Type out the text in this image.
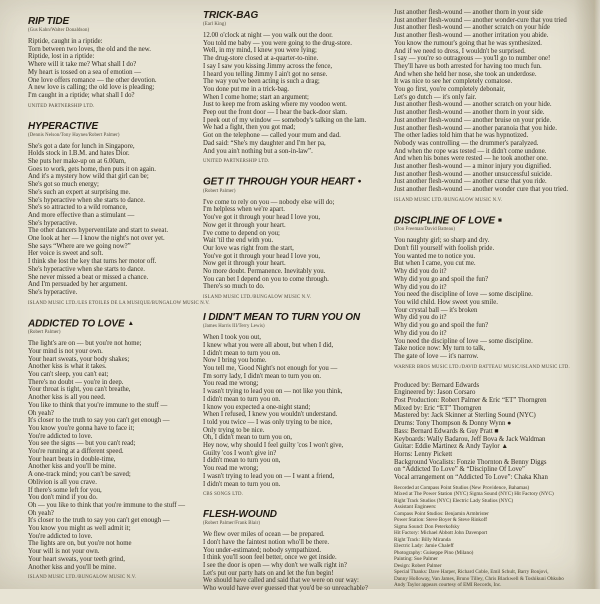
RIP TIDE
(Gus Kahn/Walter Donaldson)
Riptide, caught in a riptide:
Torn between two loves, the old and the new.
Riptide, lost in a riptide:
Where will it take me? What shall I do?
My heart is tossed on a sea of emotion —
One love offers romance — the other devotion.
A new love is calling; the old love is pleading;
I'm caught in a riptide; what shall I do?
UNITED PARTNERSHIP LTD.
HYPERACTIVE
(Dennis Nelson/Tony Haynes/Robert Palmer)
She's got a date for lunch in Singapore,
Holds stock in I.B.M. and hates Dior.
She puts her make-up on at 6.00am,
Goes to work, gets home, then puts it on again.
And it's a mystery how wild that girl can be;
She's got so much energy;
She's such an expert at surprising me.
She's hyperactive when she starts to dance.
She's so attracted to a wild romance,
And more effective than a stimulant —
She's hyperactive.
The other dancers hyperventilate and start to sweat.
One look at her — I know the night's not over yet.
She says “Where are we going now?”
Her voice is sweet and soft.
I think she lost the key that turns her motor off.
She's hyperactive when she starts to dance.
She never missed a beat or missed a chance.
And I'm persuaded by her argument.
She's hyperactive.
ISLAND MUSIC LTD./LES ETOILES DE LA MUSIQUE/BUNGALOW MUSIC N.V.
ADDICTED TO LOVE ▲
(Robert Palmer)
The light's are on — but you're not home;
Your mind is not your own.
Your heart sweats, your body shakes;
Another kiss is what it takes.
You can't sleep, you can't eat;
There's no doubt — you're in deep.
Your throat is tight, you can't breathe,
Another kiss is all you need.
You like to think that you're immune to the stuff —
Oh yeah?
It's closer to the truth to say you can't get enough —
You know you're gonna have to face it;
You're addicted to love.
You see the signs — but you can't read;
You're running at a different speed.
Your heart beats in double-time,
Another kiss and you'll be mine.
A one-track mind; you can't be saved;
Oblivion is all you crave.
If there's some left for you,
You don't mind if you do.
Oh — you like to think that you're immune to the stuff —
Oh yeah?
It's closer to the truth to say you can't get enough —
You know you might as well admit it;
You're addicted to love.
The lights are on, but you're not home
Your will is not your own.
Your heart sweats, your teeth grind,
Another kiss and you'll be mine.
ISLAND MUSIC LTD./BUNGALOW MUSIC N.V.
TRICK-BAG
(Earl King)
12.00 o'clock at night — you walk out the door.
You told me baby — you were going to the drug-store.
Well, in my mind, I knew you were lying;
The drug-store closed at a-quarter-to-nine.
I say I saw you kissing Jimmy across the fence,
I heard you telling Jimmy I ain't got no sense.
The way you've been acting is such a drag;
You done put me in a trick-bag.
When I come home; start an argument;
Just to keep me from asking where my voodoo went.
Peep out the front door — I hear the back-door slam.
I peek out of my window — somebody's talking on the lam.
We had a fight, then you got mad;
Got on the telephone — called your mum and dad.
Dad said: “She's my daughter and I'm her pa,
And you ain't nothing but a son-in-law”.
UNITED PARTNERSHIP LTD.
GET IT THROUGH YOUR HEART ●
(Robert Palmer)
I've come to rely on you — nobody else will do;
I'm helpless when we're apart.
You've got it through your head I love you,
Now get it through your heart.
I've come to depend on you;
Wait 'til the end with you.
Our love was right from the start,
You've got it through your head I love you,
Now get it through your heart.
No more doubt. Permanence. Inevitably you.
You can bet I depend on you to come through.
There's so much to do.
ISLAND MUSIC LTD./BUNGALOW MUSIC N.V.
I DIDN'T MEAN TO TURN YOU ON
(James Harris III/Terry Lewis)
When I took you out,
I knew what you were all about, but when I did,
I didn't mean to turn you on.
Now I bring you home.
You tell me, 'Good Night's not enough for you —
I'm sorry lady, I didn't mean to turn you on.
You read me wrong;
I wasn't trying to lead you on — not like you think,
I didn't mean to turn you on.
I know you expected a one-night stand;
When I refused, I knew you wouldn't understand.
I told you twice — I was only trying to be nice,
Only trying to be nice.
Oh, I didn't mean to turn you on,
Hey now, why should I feel guilty 'cos I won't give,
Guilty 'cos I won't give in?
I didn't mean to turn you on,
You read me wrong;
I wasn't trying to lead you on — I want a friend,
I didn't mean to turn you on.
CBS SONGS LTD.
FLESH-WOUND
(Robert Palmer/Frank Blair)
We flew over miles of ocean — be prepared.
I don't have the faintest notion who'll be there.
You under-estimated; nobody sympathized.
I think you'll soon feel better, once we get inside.
I see the door is open — why don't we walk right in?
Let's put our party hats on and let the fun begin!
We should have called and said that we were on our way:
Who would have ever guessed that you'd be so unreachable?
Just another flesh-wound — another thorn in your side
Just another flesh-wound — another wonder-cure that you tried
Just another flesh-wound — another scratch on your hide
Just another flesh-wound — another irritation you abide.
You know the rumour's going that he was synthesized.
And if we need to dress, I wouldn't be surprised.
I say — you're so outrageous — you'll go to number one!
They'll have us both arrested for having too much fun.
And when she held her nose, she took an underdose.
It was nice to see her completely comatose.
You go first, you're completely debonair,
Let's go dutch — it's only fair.
Just another flesh-wound — another scratch on your hide.
Just another flesh-wound — another thorn in your side.
Just another flesh-wound — another bruise on your pride.
Just another flesh-wound — another paranoia that you hide.
The other ladies told him that he was hypnotized.
Nobody was controlling — the drummer's paralyzed.
And when the rope was tested — it didn't come undone.
And when his bones were rested — he took another one.
Just another flesh-wound — a minor injury you dignified.
Just another flesh-wound — another unsuccessful suicide.
Just another flesh-wound — another curse that you ride.
Just another flesh-wound — another wonder cure that you tried.
ISLAND MUSIC LTD./BUNGALOW MUSIC N.V.
DISCIPLINE OF LOVE ■
(Don Freeman/David Batteau)
You naughty girl; so sharp and dry.
Don't fill yourself with foolish pride.
You wanted me to notice you.
But when I came, you cut me.
Why did you do it?
Why did you go and spoil the fun?
Why did you do it?
You need the discipline of love — some discipline.
You wild child. How sweet you smile.
Your crystal ball — it's broken
Why did you do it?
Why did you go and spoil the fun?
Why did you do it?
You need the discipline of love — some discipline.
Take notice now: My turn to talk,
The gate of love — it's narrow.
WARNER BROS MUSIC LTD./DAVID BATTEAU MUSIC/ISLAND MUSIC LTD.
Produced by: Bernard Edwards
Engineered by: Jason Corsaro
Post Production: Robert Palmer & Eric “ET” Thorngren
Mixed by: Eric “ET” Thorngren
Mastered by: Jack Skinner at Sterling Sound (NYC)
Drums: Tony Thompson & Donny Wynn ●
Bass: Bernard Edwards & Guy Pratt ■
Keyboards: Wally Badarou, Jeff Bova & Jack Waldman
Guitar: Eddie Martinez & Andy Taylor ▲
Horns: Lenny Pickett
Background Vocalists: Fonzie Thornton & Benny Diggs
on “Addicted To Love” & “Discipline Of Love”
Vocal arrangement on “Addicted To Love”: Chaka Khan
Recorded at Compass Point Studios (New Providence, Bahamas)
Mixed at The Power Station (NYC) Sigma Sound (NYC) Hit Factory (NYC)
Right Track Studios (NYC) Electric Lady Studios (NYC)
Assistant Engineers:
Compass Point Studios: Benjamin Armbrister
Power Station: Steve Boyer & Steve Rinkoff
Sigma Sound: Don Peterkofsky
Hit Factory: Michael Abbott John Davenport
Right Track: Billy Miranda
Electric Lady: Jamie Chaleff
Photography: Guiseppe Pino (Milano)
Painting: Sue Palmer
Design: Robert Palmer
Special Thanks: Dave Harper, Richard Coble, Emil Schult, Barry Bonjovi,
Danny Holloway, Van James, Bruno Tilley, Chris Blackwell & Toshikuni Ohkubo
Andy Taylor appears courtesy of EMI Records, Inc.
